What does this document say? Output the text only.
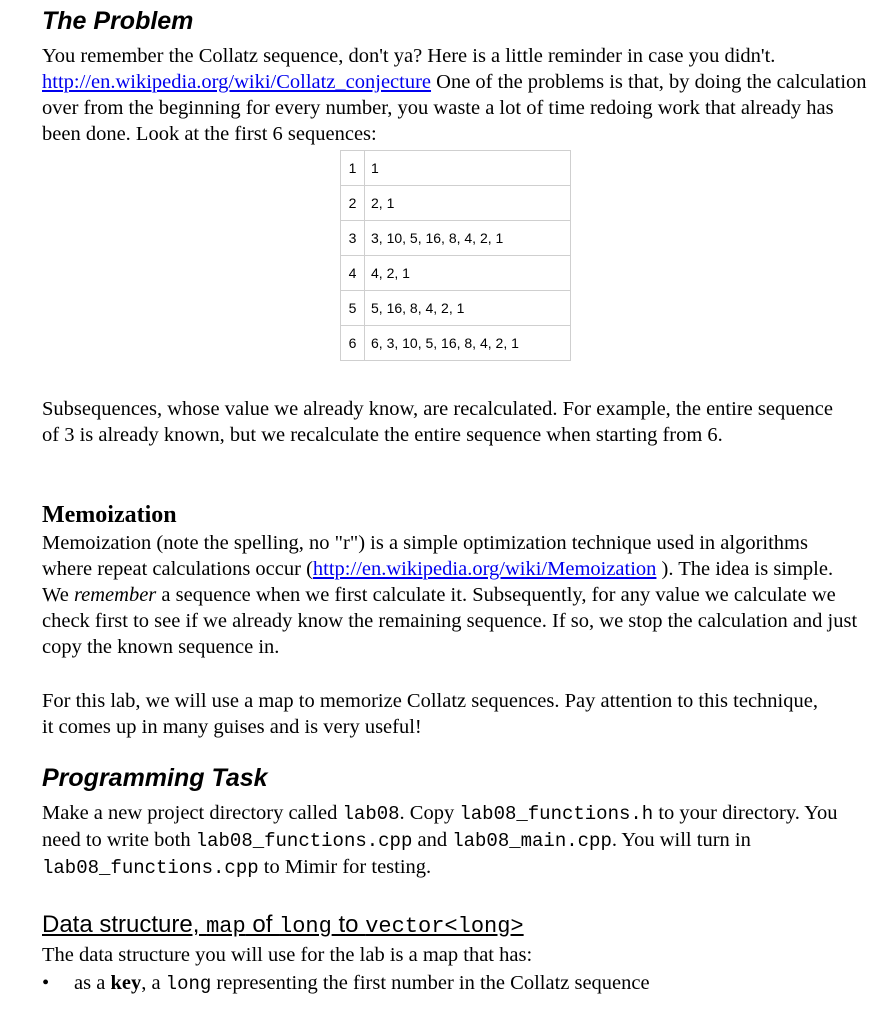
The Problem

You remember the Collatz sequence, don't ya? Here is a little reminder in case you didn't.
http://en.wikipedia.org/wiki/Collatz_conjecture One of the problems is that, by doing the calculation over from the beginning for every number, you waste a lot of time redoing work that already has been done. Look at the first 6 sequences:

1	1
2	2, 1
3	3, 10, 5, 16, 8, 4, 2, 1
4	4, 2, 1
5	5, 16, 8, 4, 2, 1
6	6, 3, 10, 5, 16, 8, 4, 2, 1

Subsequences, whose value we already know, are recalculated. For example, the entire sequence of 3 is already known, but we recalculate the entire sequence when starting from 6.

Memoization

Memoization (note the spelling, no "r") is a simple optimization technique used in algorithms where repeat calculations occur (http://en.wikipedia.org/wiki/Memoization ). The idea is simple. We remember a sequence when we first calculate it. Subsequently, for any value we calculate we check first to see if we already know the remaining sequence. If so, we stop the calculation and just copy the known sequence in.

For this lab, we will use a map to memorize Collatz sequences. Pay attention to this technique, it comes up in many guises and is very useful!

Programming Task

Make a new project directory called lab08. Copy lab08_functions.h to your directory. You need to write both lab08_functions.cpp and lab08_main.cpp. You will turn in lab08_functions.cpp to Mimir for testing.

Data structure, map of long to vector<long>

The data structure you will use for the lab is a map that has:

• as a key, a long representing the first number in the Collatz sequence
